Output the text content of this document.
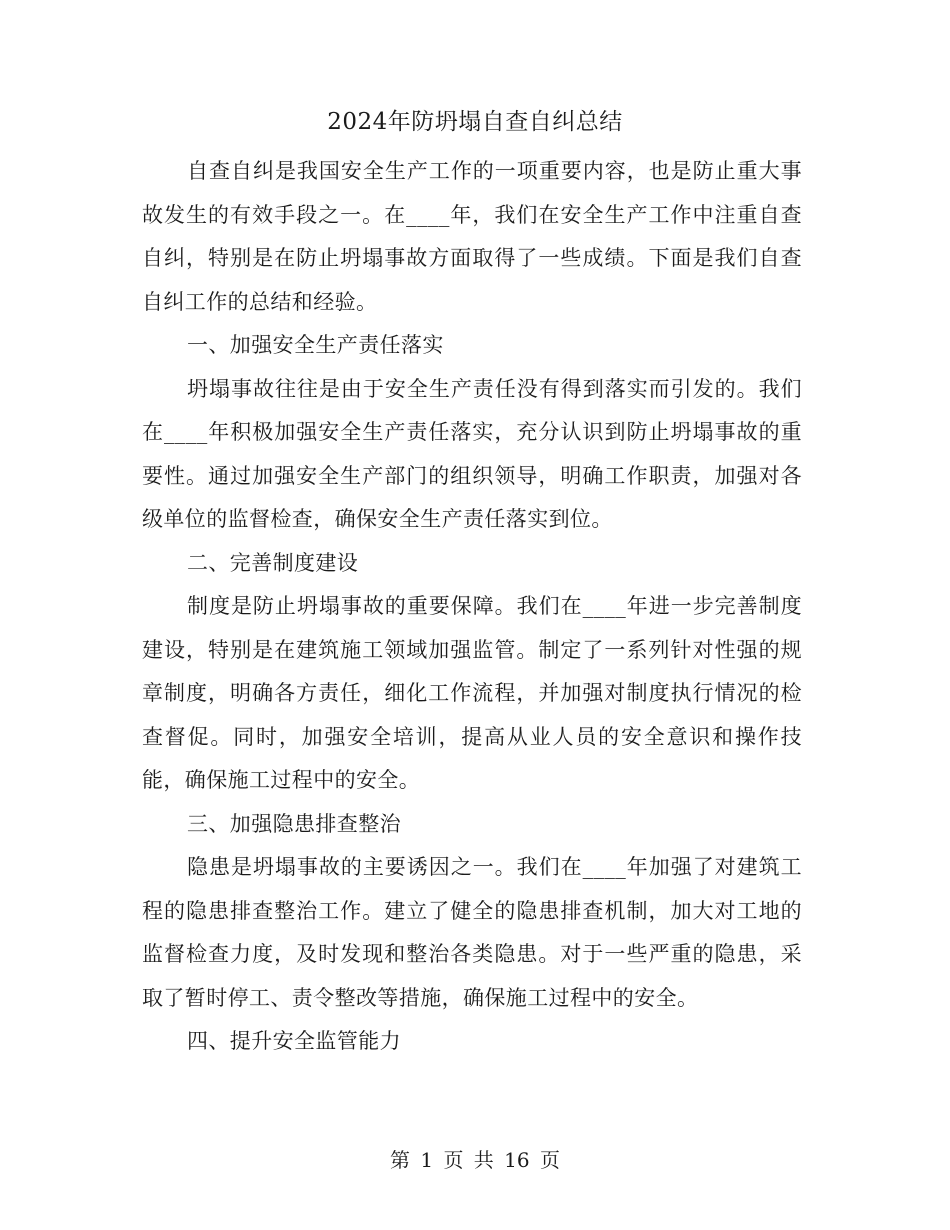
2024年防坍塌自查自纠总结

自查自纠是我国安全生产工作的一项重要内容，也是防止重大事故发生的有效手段之一。在____年，我们在安全生产工作中注重自查自纠，特别是在防止坍塌事故方面取得了一些成绩。下面是我们自查自纠工作的总结和经验。

一、加强安全生产责任落实

坍塌事故往往是由于安全生产责任没有得到落实而引发的。我们在____年积极加强安全生产责任落实，充分认识到防止坍塌事故的重要性。通过加强安全生产部门的组织领导，明确工作职责，加强对各级单位的监督检查，确保安全生产责任落实到位。

二、完善制度建设

制度是防止坍塌事故的重要保障。我们在____年进一步完善制度建设，特别是在建筑施工领域加强监管。制定了一系列针对性强的规章制度，明确各方责任，细化工作流程，并加强对制度执行情况的检查督促。同时，加强安全培训，提高从业人员的安全意识和操作技能，确保施工过程中的安全。

三、加强隐患排查整治

隐患是坍塌事故的主要诱因之一。我们在____年加强了对建筑工程的隐患排查整治工作。建立了健全的隐患排查机制，加大对工地的监督检查力度，及时发现和整治各类隐患。对于一些严重的隐患，采取了暂时停工、责令整改等措施，确保施工过程中的安全。

四、提升安全监管能力

第 1 页 共 16 页
